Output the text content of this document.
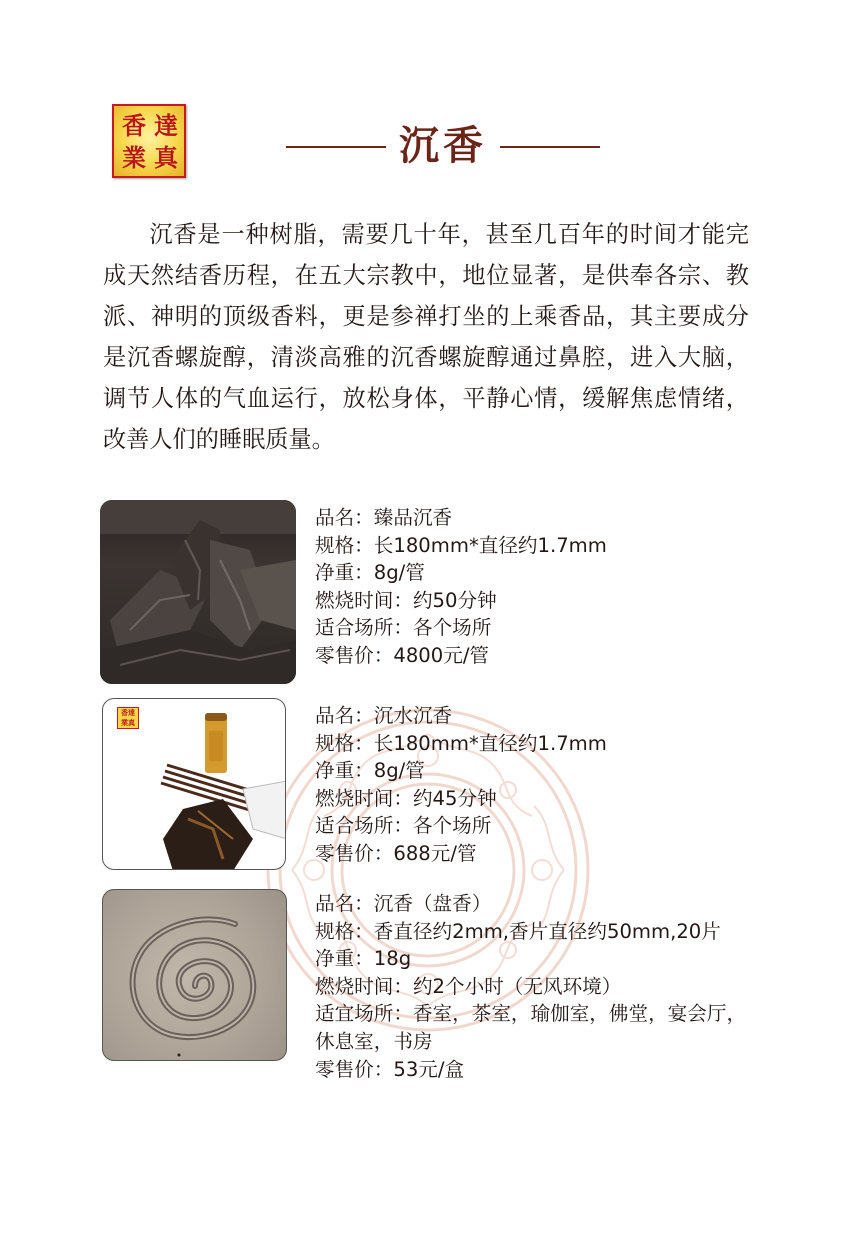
香 達
業 真	沉香

沉香是一种树脂，需要几十年，甚至几百年的时间才能完成天然结香历程，在五大宗教中，地位显著，是供奉各宗、教派、神明的顶级香料，更是参禅打坐的上乘香品，其主要成分是沉香螺旋醇，清淡高雅的沉香螺旋醇通过鼻腔，进入大脑，调节人体的气血运行，放松身体，平静心情，缓解焦虑情绪，改善人们的睡眠质量。

香達
業真
品名：臻品沉香
规格：长180mm*直径约1.7mm
净重：8g/管
燃烧时间：约50分钟
适合场所：各个场所
零售价：4800元/管
品名：沉水沉香
规格：长180mm*直径约1.7mm
净重：8g/管
燃烧时间：约45分钟
适合场所：各个场所
零售价：688元/管
品名：沉香（盘香）
规格：香直径约2mm,香片直径约50mm,20片
净重：18g
燃烧时间：约2个小时（无风环境）
适宜场所：香室，茶室，瑜伽室，佛堂，宴会厅，休息室，书房
零售价：53元/盒
